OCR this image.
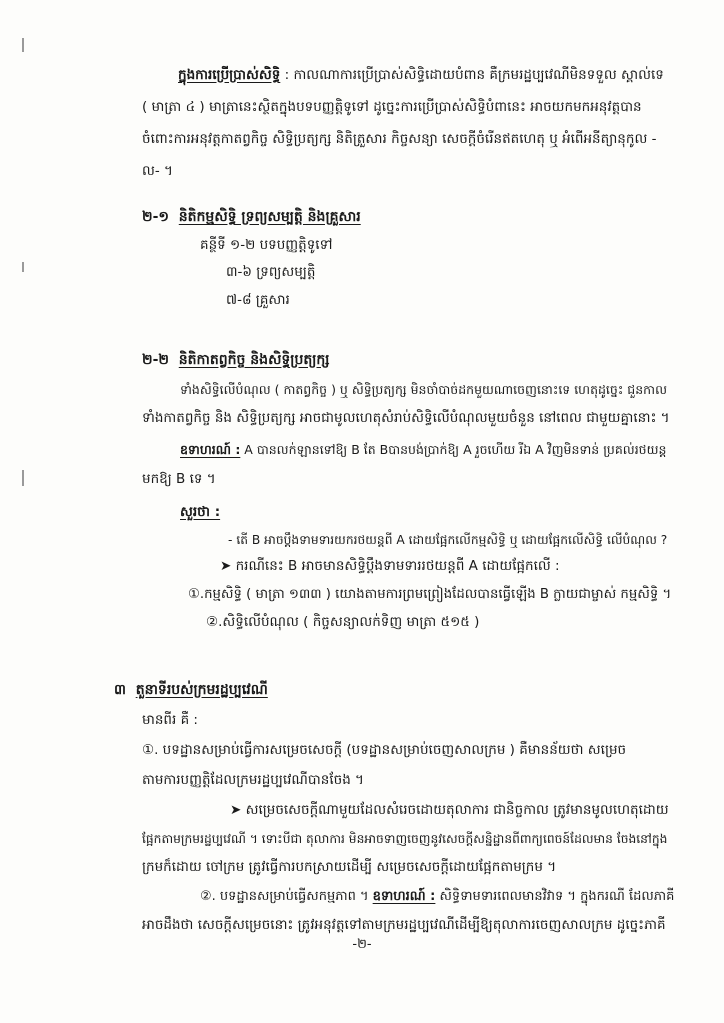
ក្នុងការប្រើប្រាស់សិទ្ធិ : កាលណាការប្រើប្រាស់សិទ្ធិដោយបំពាន គឺក្រមរដ្ឋប្បវេណីមិនទទួល ស្គាល់ទេ
( មាត្រា ៤ ) មាត្រានេះស្ថិតក្នុងបទបញ្ញត្តិទូទៅ ដូច្នេះការប្រើប្រាស់សិទ្ធិបំពានេះ អាចយកមកអនុវត្តបាន
ចំពោះការអនុវត្តកាតព្វកិច្ច សិទ្ធិប្រត្យក្ស និតិត្រួសារ កិច្ចសន្យា សេចក្ដីចំរើនឥតហេតុ ឬ អំពើអនីត្យានុកូល -
ល- ។
២-១ និតិកម្មសិទ្ធិ ទ្រព្យសម្បត្តិ និងគ្រួសារ
គន្ថីទី ១-២ បទបញ្ញត្តិទូទៅ
៣-៦ ទ្រព្យសម្បត្តិ
៧-៨ គ្រួសារ
២-២ និតិកាតព្វកិច្ច និងសិទ្ធិប្រត្យក្ស
ទាំងសិទ្ធិលើបំណុល ( កាតព្វកិច្ច ) ឬ សិទ្ធិប្រត្យក្ស មិនចាំបាច់ដកមួយណាចេញនោះទេ ហេតុដូច្នេះ ជួនកាល
ទាំងកាតព្វកិច្ច និង សិទ្ធិប្រត្យក្ស អាចជាមូលហេតុសំរាប់សិទ្ធិលើបំណុលមួយចំនួន នៅពេល ជាមួយគ្នានោះ ។
ឧទាហរណ៍ : A បានលក់ឡានទៅឱ្យ B តែ Bបានបង់ប្រាក់ឱ្យ A រួចហើយ រីឯ A វិញមិនទាន់ ប្រគល់រថយន្ត
មកឱ្យ B ទេ ។
សួរថា :
- តើ B អាចប្ដឹងទាមទារយករថយន្តពី A ដោយផ្អែកលើកម្មសិទ្ធិ ឬ ដោយផ្អែកលើសិទ្ធិ លើបំណុល ?
➤ ករណីនេះ B អាចមានសិទ្ធិប្ដឹងទាមទាររថយន្តពី A ដោយផ្អែកលើ :
①.កម្មសិទ្ធិ ( មាត្រា ១៣៣ ) យោងតាមការព្រមព្រៀងដែលបានធ្វើឡើង B ក្លាយជាម្ចាស់ កម្មសិទ្ធិ ។
②.សិទ្ធិលើបំណុល ( កិច្ចសន្យាលក់ទិញ មាត្រា ៥១៥ )
៣ តួនាទីរបស់ក្រមរដ្ឋប្បវេណី
មានពីរ គឺ :
①. បទដ្ឋានសម្រាប់ធ្វើការសម្រេចសេចក្ដី (បទដ្ឋានសម្រាប់ចេញសាលក្រម ) គឺមានន័យថា សម្រេច
តាមការបញ្ញត្តិដែលក្រមរដ្ឋប្បវេណីបានចែង ។
➤ សម្រេចសេចក្ដីណាមួយដែលសំរេចដោយតុលាការ ជានិច្ចកាល ត្រូវមានមូលហេតុដោយ
ផ្អែកតាមក្រមរដ្ឋប្បវេណី ។ ទោះបីជា តុលាការ មិនអាចទាញចេញនូវសេចក្ដីសន្និដ្ឋានពីពាក្យពេចន៍ដែលមាន ចែងនៅក្នុង
ក្រមក៏ដោយ ចៅក្រម ត្រូវធ្វើការបកស្រាយដើម្បី សម្រេចសេចក្ដីដោយផ្អែកតាមក្រម ។
②. បទដ្ឋានសម្រាប់ធ្វើសកម្មភាព ។ ឧទាហរណ៍ : សិទ្ធិទាមទារពេលមានវិវាទ ។ ក្នុងករណី ដែលភាគី
អាចដឹងថា សេចក្ដីសម្រេចនោះ ត្រូវអនុវត្តទៅតាមក្រមរដ្ឋប្បវេណីដើម្បីឱ្យតុលាការចេញសាលក្រម ដូច្នេះភាគី
-២-
